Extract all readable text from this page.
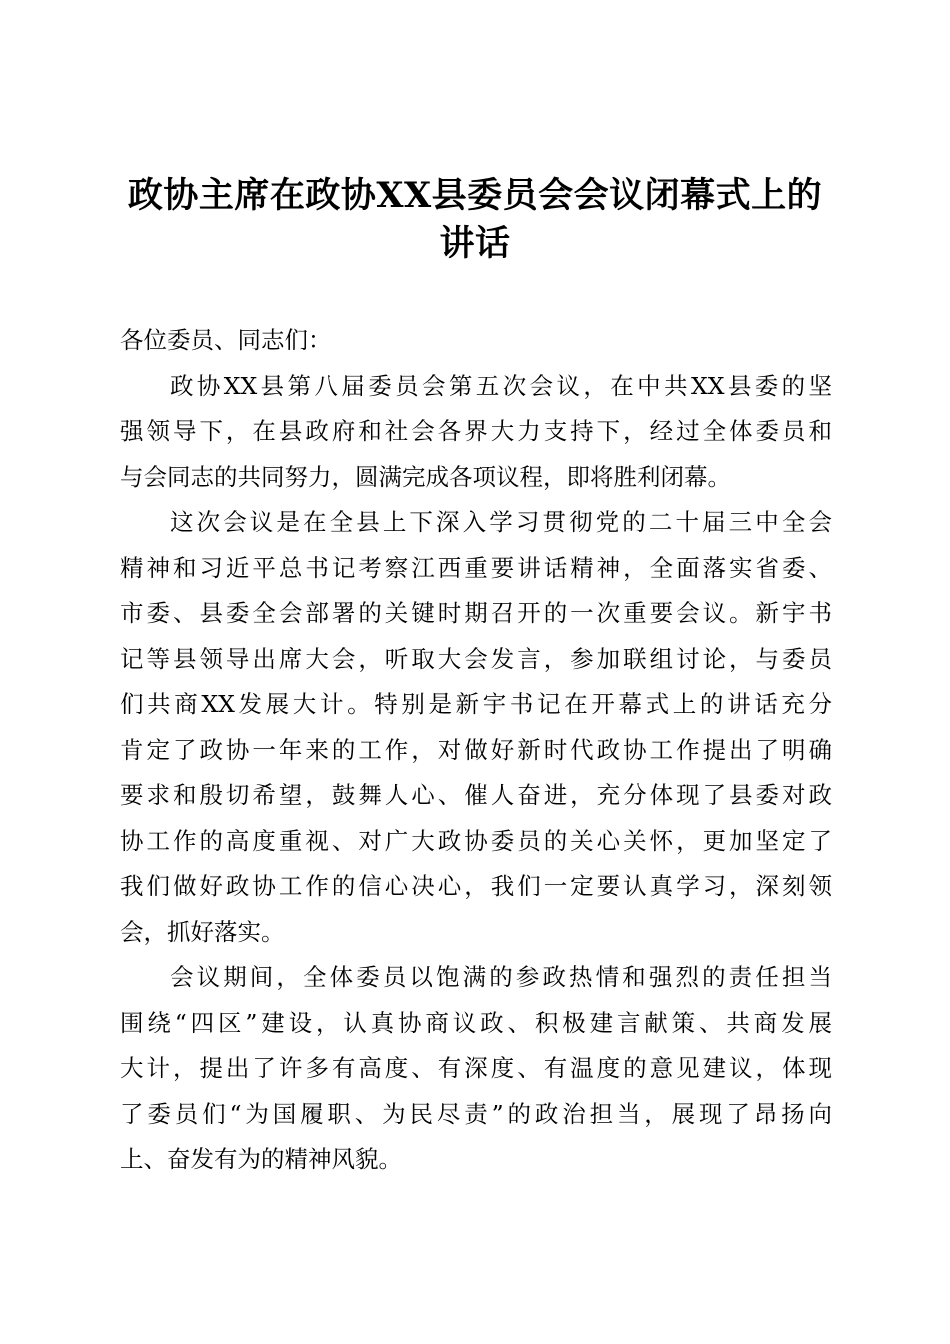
政协主席在政协XX县委员会会议闭幕式上的
讲话
各位委员、同志们：
政协XX县第八届委员会第五次会议，在中共XX县委的坚
强领导下，在县政府和社会各界大力支持下，经过全体委员和
与会同志的共同努力，圆满完成各项议程，即将胜利闭幕。
这次会议是在全县上下深入学习贯彻党的二十届三中全会
精神和习近平总书记考察江西重要讲话精神，全面落实省委、
市委、县委全会部署的关键时期召开的一次重要会议。新宇书
记等县领导出席大会，听取大会发言，参加联组讨论，与委员
们共商XX发展大计。特别是新宇书记在开幕式上的讲话充分
肯定了政协一年来的工作，对做好新时代政协工作提出了明确
要求和殷切希望，鼓舞人心、催人奋进，充分体现了县委对政
协工作的高度重视、对广大政协委员的关心关怀，更加坚定了
我们做好政协工作的信心决心，我们一定要认真学习，深刻领
会，抓好落实。
会议期间，全体委员以饱满的参政热情和强烈的责任担当
围绕“四区”建设，认真协商议政、积极建言献策、共商发展
大计，提出了许多有高度、有深度、有温度的意见建议，体现
了委员们“为国履职、为民尽责”的政治担当，展现了昂扬向
上、奋发有为的精神风貌。
